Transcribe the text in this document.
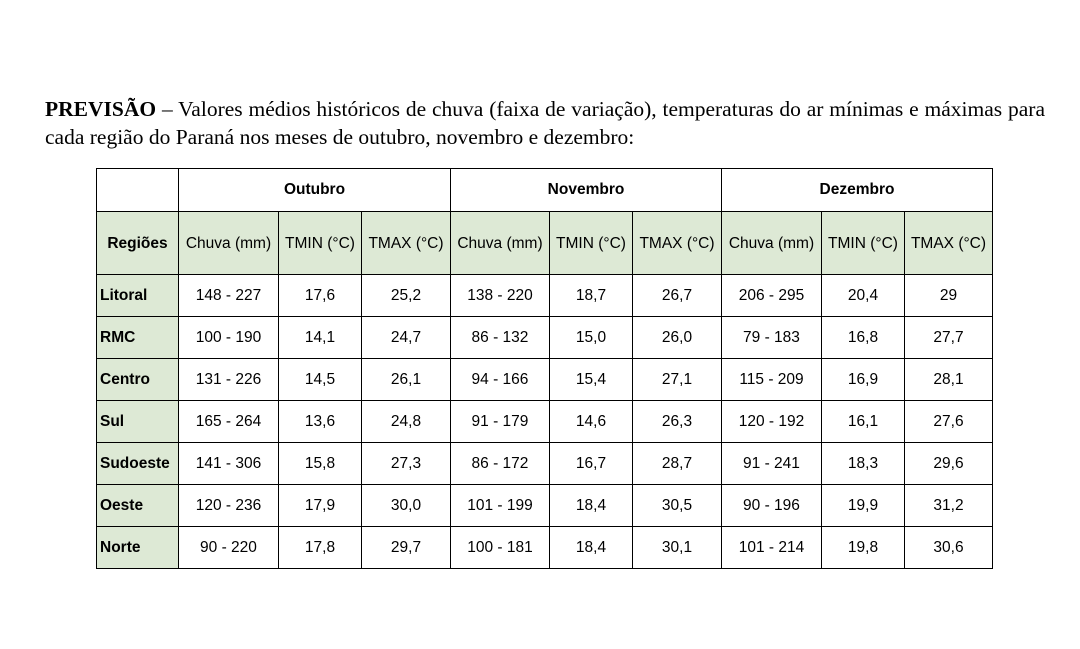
PREVISÃO – Valores médios históricos de chuva (faixa de variação), temperaturas do ar mínimas e máximas para cada região do Paraná nos meses de outubro, novembro e dezembro:

	Outubro			Novembro			Dezembro		
Regiões	Chuva (mm)	TMIN (°C)	TMAX (°C)	Chuva (mm)	TMIN (°C)	TMAX (°C)	Chuva (mm)	TMIN (°C)	TMAX (°C)
Litoral	148 - 227	17,6	25,2	138 - 220	18,7	26,7	206 - 295	20,4	29
RMC	100 - 190	14,1	24,7	86 - 132	15,0	26,0	79 - 183	16,8	27,7
Centro	131 - 226	14,5	26,1	94 - 166	15,4	27,1	115 - 209	16,9	28,1
Sul	165 - 264	13,6	24,8	91 - 179	14,6	26,3	120 - 192	16,1	27,6
Sudoeste	141 - 306	15,8	27,3	86 - 172	16,7	28,7	91 - 241	18,3	29,6
Oeste	120 - 236	17,9	30,0	101 - 199	18,4	30,5	90 - 196	19,9	31,2
Norte	90 - 220	17,8	29,7	100 - 181	18,4	30,1	101 - 214	19,8	30,6
